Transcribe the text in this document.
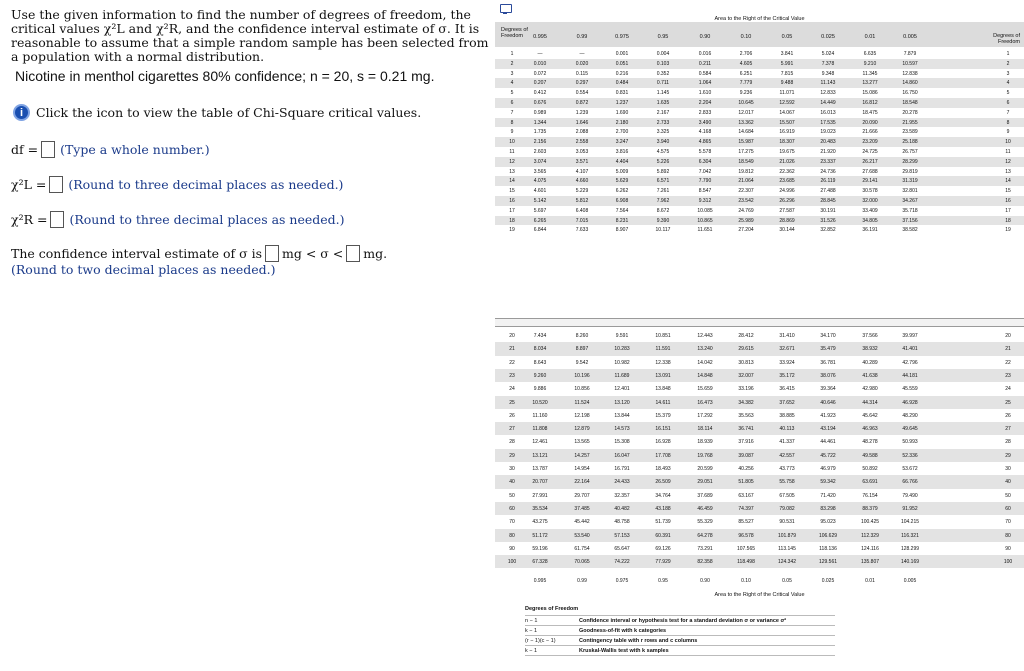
Use the given information to find the number of degrees of freedom, the critical values χ²L and χ²R, and the confidence interval estimate of σ. It is reasonable to assume that a simple random sample has been selected from a population with a normal distribution.
Nicotine in menthol cigarettes 80% confidence; n = 20, s = 0.21 mg.
i	Click the icon to view the table of Chi-Square critical values.
df = (Type a whole number.)
χ²L = (Round to three decimal places as needed.)
χ²R = (Round to three decimal places as needed.)
The confidence interval estimate of σ is mg < σ < mg.
(Round to two decimal places as needed.)
Area to the Right of the Critical Value
Degrees of Freedom	Degrees of Freedom
0.995	0.99	0.975	0.95	0.90	0.10	0.05	0.025	0.01	0.005
1	—	—	0.001	0.004	0.016	2.706	3.841	5.024	6.635	7.879	1
2	0.010	0.020	0.051	0.103	0.211	4.605	5.991	7.378	9.210	10.597	2
3	0.072	0.115	0.216	0.352	0.584	6.251	7.815	9.348	11.345	12.838	3
4	0.207	0.297	0.484	0.711	1.064	7.779	9.488	11.143	13.277	14.860	4
5	0.412	0.554	0.831	1.145	1.610	9.236	11.071	12.833	15.086	16.750	5
6	0.676	0.872	1.237	1.635	2.204	10.645	12.592	14.449	16.812	18.548	6
7	0.989	1.239	1.690	2.167	2.833	12.017	14.067	16.013	18.475	20.278	7
8	1.344	1.646	2.180	2.733	3.490	13.362	15.507	17.535	20.090	21.955	8
9	1.735	2.088	2.700	3.325	4.168	14.684	16.919	19.023	21.666	23.589	9
10	2.156	2.558	3.247	3.940	4.865	15.987	18.307	20.483	23.209	25.188	10
11	2.603	3.053	3.816	4.575	5.578	17.275	19.675	21.920	24.725	26.757	11
12	3.074	3.571	4.404	5.226	6.304	18.549	21.026	23.337	26.217	28.299	12
13	3.565	4.107	5.009	5.892	7.042	19.812	22.362	24.736	27.688	29.819	13
14	4.075	4.660	5.629	6.571	7.790	21.064	23.685	26.119	29.141	31.319	14
15	4.601	5.229	6.262	7.261	8.547	22.307	24.996	27.488	30.578	32.801	15
16	5.142	5.812	6.908	7.962	9.312	23.542	26.296	28.845	32.000	34.267	16
17	5.697	6.408	7.564	8.672	10.085	24.769	27.587	30.191	33.409	35.718	17
18	6.265	7.015	8.231	9.390	10.865	25.989	28.869	31.526	34.805	37.156	18
19	6.844	7.633	8.907	10.117	11.651	27.204	30.144	32.852	36.191	38.582	19
20	7.434	8.260	9.591	10.851	12.443	28.412	31.410	34.170	37.566	39.997	20
21	8.034	8.897	10.283	11.591	13.240	29.615	32.671	35.479	38.932	41.401	21
22	8.643	9.542	10.982	12.338	14.042	30.813	33.924	36.781	40.289	42.796	22
23	9.260	10.196	11.689	13.091	14.848	32.007	35.172	38.076	41.638	44.181	23
24	9.886	10.856	12.401	13.848	15.659	33.196	36.415	39.364	42.980	45.559	24
25	10.520	11.524	13.120	14.611	16.473	34.382	37.652	40.646	44.314	46.928	25
26	11.160	12.198	13.844	15.379	17.292	35.563	38.885	41.923	45.642	48.290	26
27	11.808	12.879	14.573	16.151	18.114	36.741	40.113	43.194	46.963	49.645	27
28	12.461	13.565	15.308	16.928	18.939	37.916	41.337	44.461	48.278	50.993	28
29	13.121	14.257	16.047	17.708	19.768	39.087	42.557	45.722	49.588	52.336	29
30	13.787	14.954	16.791	18.493	20.599	40.256	43.773	46.979	50.892	53.672	30
40	20.707	22.164	24.433	26.509	29.051	51.805	55.758	59.342	63.691	66.766	40
50	27.991	29.707	32.357	34.764	37.689	63.167	67.505	71.420	76.154	79.490	50
60	35.534	37.485	40.482	43.188	46.459	74.397	79.082	83.298	88.379	91.952	60
70	43.275	45.442	48.758	51.739	55.329	85.527	90.531	95.023	100.425	104.215	70
80	51.172	53.540	57.153	60.391	64.278	96.578	101.879	106.629	112.329	116.321	80
90	59.196	61.754	65.647	69.126	73.291	107.565	113.145	118.136	124.116	128.299	90
100	67.328	70.065	74.222	77.929	82.358	118.498	124.342	129.561	135.807	140.169	100
0.995	0.99	0.975	0.95	0.90	0.10	0.05	0.025	0.01	0.005
Area to the Right of the Critical Value
Degrees of Freedom
n − 1	Confidence interval or hypothesis test for a standard deviation σ or variance σ²
k − 1	Goodness-of-fit with k categories
(r − 1)(c − 1)	Contingency table with r rows and c columns
k − 1	Kruskal-Wallis test with k samples
